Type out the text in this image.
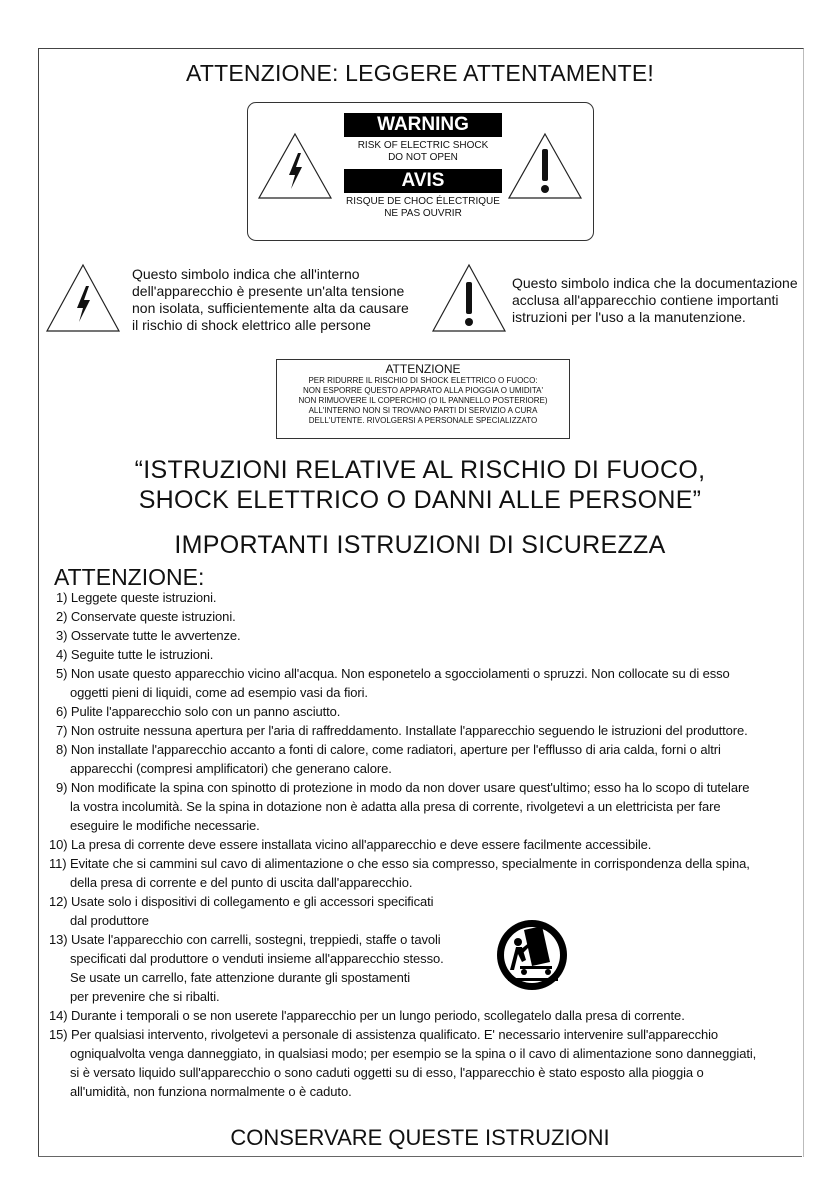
ATTENZIONE: LEGGERE ATTENTAMENTE!
WARNING
RISK OF ELECTRIC SHOCK
DO NOT OPEN
AVIS
RISQUE DE CHOC ÉLECTRIQUE
NE PAS OUVRIR
Questo simbolo indica che all'interno
dell'apparecchio è presente un'alta tensione
non isolata, sufficientemente alta da causare
il rischio di shock elettrico alle persone
Questo simbolo indica che la documentazione
acclusa all'apparecchio contiene importanti
istruzioni per l'uso a la manutenzione.
ATTENZIONE
PER RIDURRE IL RISCHIO DI SHOCK ELETTRICO O FUOCO:
NON ESPORRE QUESTO APPARATO ALLA PIOGGIA O UMIDITA'
NON RIMUOVERE IL COPERCHIO (O IL PANNELLO POSTERIORE)
ALL'INTERNO NON SI TROVANO PARTI DI SERVIZIO A CURA
DELL'UTENTE. RIVOLGERSI A PERSONALE SPECIALIZZATO
“ISTRUZIONI RELATIVE AL RISCHIO DI FUOCO,
SHOCK ELETTRICO O DANNI ALLE PERSONE”
IMPORTANTI ISTRUZIONI DI SICUREZZA
ATTENZIONE:
1) Leggete queste istruzioni.
2) Conservate queste istruzioni.
3) Osservate tutte le avvertenze.
4) Seguite tutte le istruzioni.
5) Non usate questo apparecchio vicino all'acqua. Non esponetelo a sgocciolamenti o spruzzi. Non collocate su di esso
oggetti pieni di liquidi, come ad esempio vasi da fiori.
6) Pulite l'apparecchio solo con un panno asciutto.
7) Non ostruite nessuna apertura per l'aria di raffreddamento. Installate l'apparecchio seguendo le istruzioni del produttore.
8) Non installate l'apparecchio accanto a fonti di calore, come radiatori, aperture per l'efflusso di aria calda, forni o altri
apparecchi (compresi amplificatori) che generano calore.
9) Non modificate la spina con spinotto di protezione in modo da non dover usare quest'ultimo; esso ha lo scopo di tutelare
la vostra incolumità. Se la spina in dotazione non è adatta alla presa di corrente, rivolgetevi a un elettricista per fare
eseguire le modifiche necessarie.
10) La presa di corrente deve essere installata vicino all'apparecchio e deve essere facilmente accessibile.
11) Evitate che si cammini sul cavo di alimentazione o che esso sia compresso, specialmente in corrispondenza della spina,
della presa di corrente e del punto di uscita dall'apparecchio.
12) Usate solo i dispositivi di collegamento e gli accessori specificati
dal produttore
13) Usate l'apparecchio con carrelli, sostegni, treppiedi, staffe o tavoli
specificati dal produttore o venduti insieme all'apparecchio stesso.
Se usate un carrello, fate attenzione durante gli spostamenti
per prevenire che si ribalti.
14) Durante i temporali o se non userete l'apparecchio per un lungo periodo, scollegatelo dalla presa di corrente.
15) Per qualsiasi intervento, rivolgetevi a personale di assistenza qualificato. E' necessario intervenire sull'apparecchio
ogniqualvolta venga danneggiato, in qualsiasi modo; per esempio se la spina o il cavo di alimentazione sono danneggiati,
si è versato liquido sull'apparecchio o sono caduti oggetti su di esso, l'apparecchio è stato esposto alla pioggia o
all'umidità, non funziona normalmente o è caduto.
CONSERVARE QUESTE ISTRUZIONI
